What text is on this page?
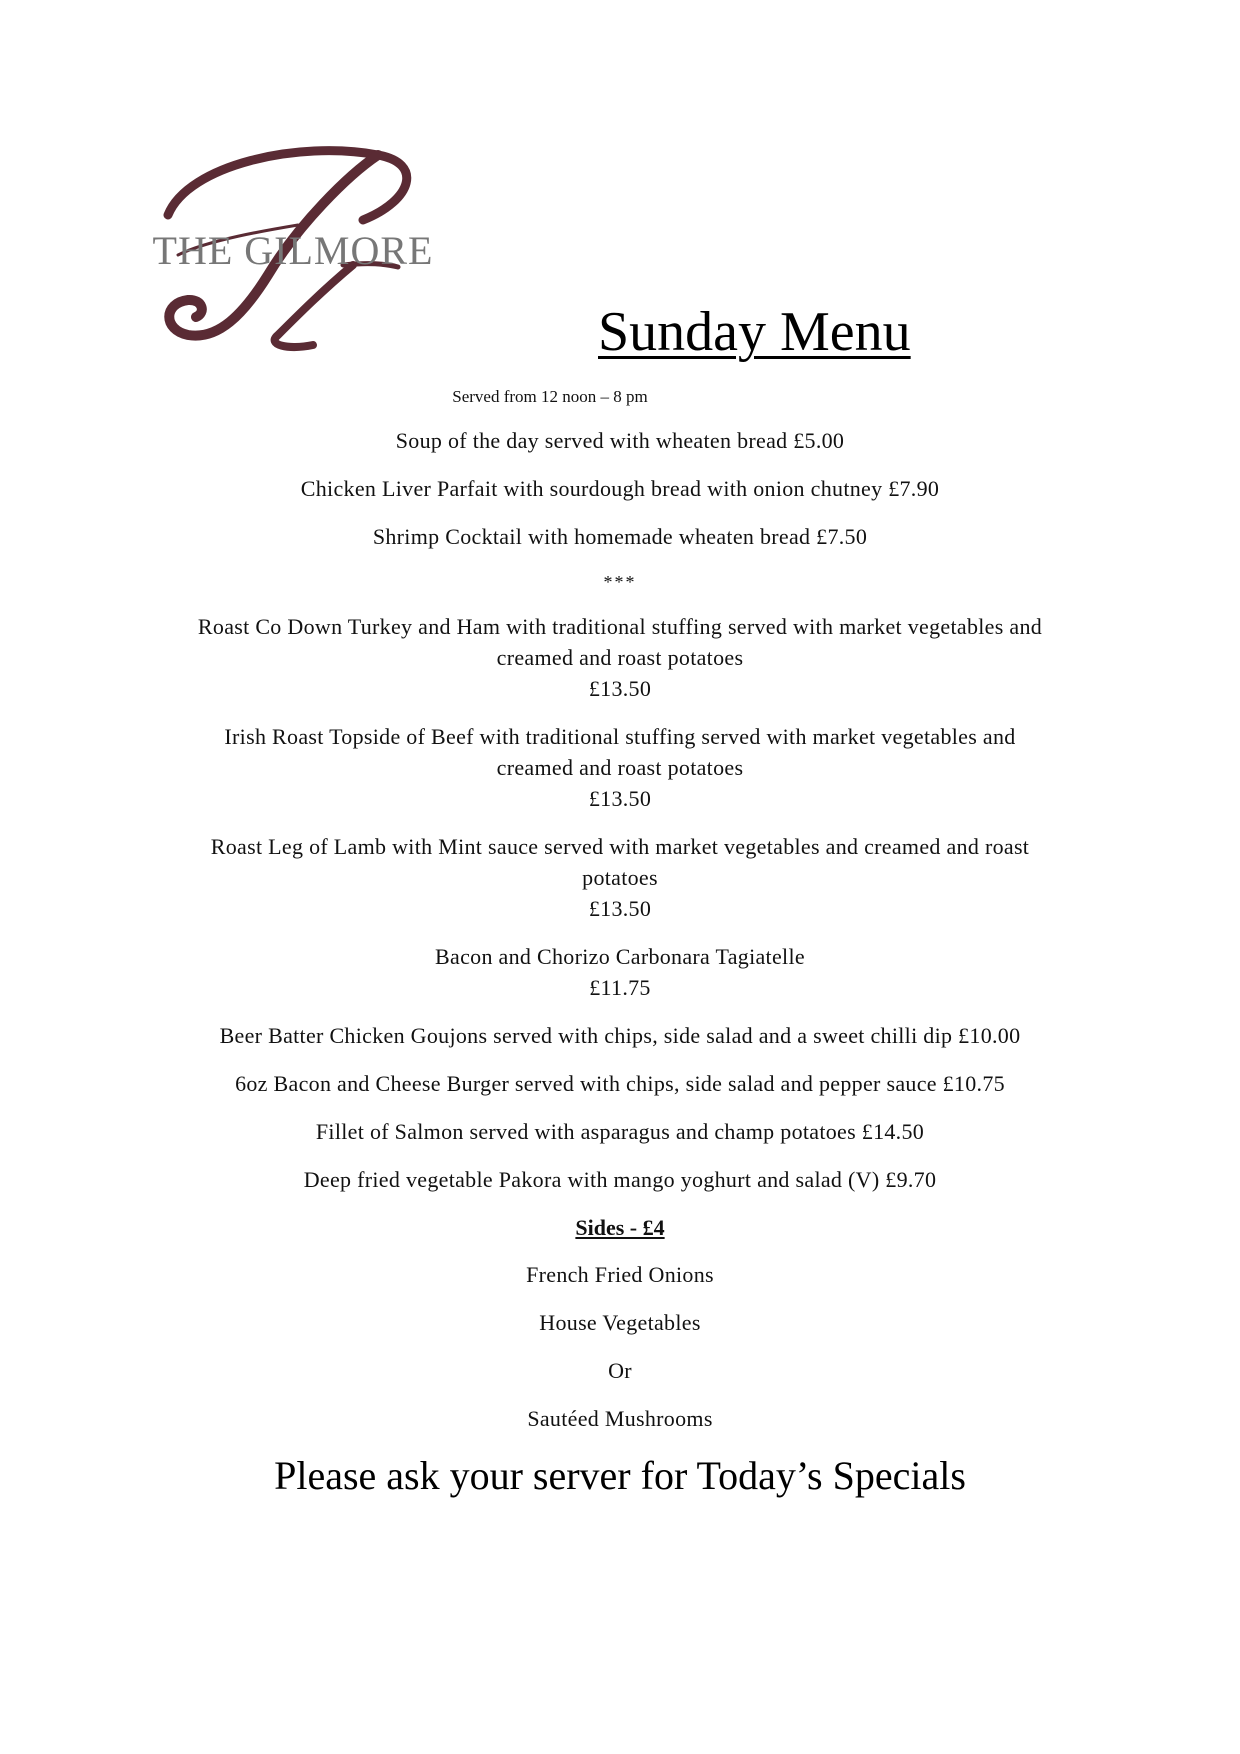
THE GILMORE
Sunday Menu
Served from 12 noon – 8 pm
Soup of the day served with wheaten bread £5.00
Chicken Liver Parfait with sourdough bread with onion chutney £7.90
Shrimp Cocktail with homemade wheaten bread £7.50
***
Roast Co Down Turkey and Ham with traditional stuffing served with market vegetables and
creamed and roast potatoes
£13.50
Irish Roast Topside of Beef with traditional stuffing served with market vegetables and
creamed and roast potatoes
£13.50
Roast Leg of Lamb with Mint sauce served with market vegetables and creamed and roast
potatoes
£13.50
Bacon and Chorizo Carbonara Tagiatelle
£11.75
Beer Batter Chicken Goujons served with chips, side salad and a sweet chilli dip £10.00
6oz Bacon and Cheese Burger served with chips, side salad and pepper sauce £10.75
Fillet of Salmon served with asparagus and champ potatoes £14.50
Deep fried vegetable Pakora with mango yoghurt and salad (V) £9.70
Sides - £4
French Fried Onions
House Vegetables
Or
Sautéed Mushrooms
Please ask your server for Today’s Specials
